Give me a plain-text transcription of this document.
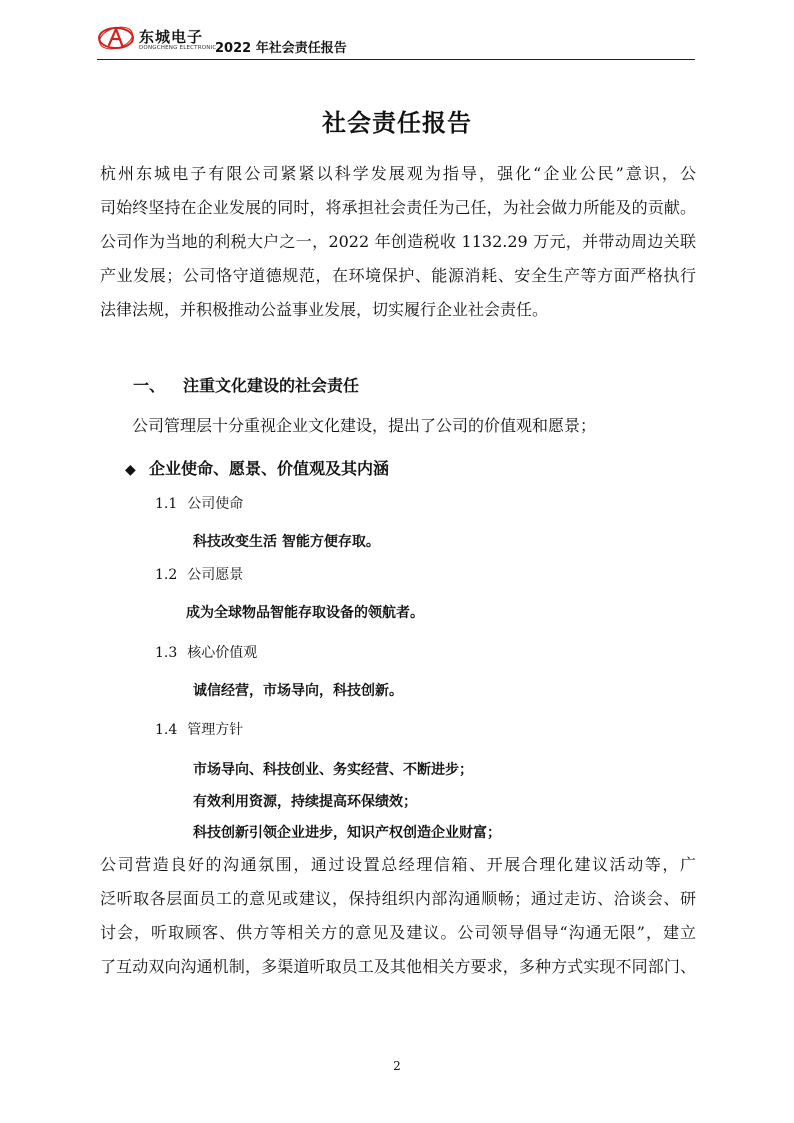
东城电子
DONGCHENG ELECTRONIC
2022 年社会责任报告
社会责任报告
杭州东城电子有限公司紧紧以科学发展观为指导，强化“企业公民”意识，公
司始终坚持在企业发展的同时，将承担社会责任为己任，为社会做力所能及的贡献。
公司作为当地的利税大户之一，2022 年创造税收 1132.29 万元，并带动周边关联
产业发展；公司恪守道德规范，在环境保护、能源消耗、安全生产等方面严格执行
法律法规，并积极推动公益事业发展，切实履行企业社会责任。
一、 注重文化建设的社会责任
公司管理层十分重视企业文化建设，提出了公司的价值观和愿景；
◆ 企业使命、愿景、价值观及其内涵
1.1 公司使命
科技改变生活 智能方便存取。
1.2 公司愿景
成为全球物品智能存取设备的领航者。
1.3 核心价值观
诚信经营，市场导向，科技创新。
1.4 管理方针
市场导向、科技创业、务实经营、不断进步；
有效利用资源，持续提高环保绩效；
科技创新引领企业进步，知识产权创造企业财富；
公司营造良好的沟通氛围，通过设置总经理信箱、开展合理化建议活动等，广
泛听取各层面员工的意见或建议，保持组织内部沟通顺畅；通过走访、洽谈会、研
讨会，听取顾客、供方等相关方的意见及建议。公司领导倡导“沟通无限”，建立
了互动双向沟通机制，多渠道听取员工及其他相关方要求，多种方式实现不同部门、
2
